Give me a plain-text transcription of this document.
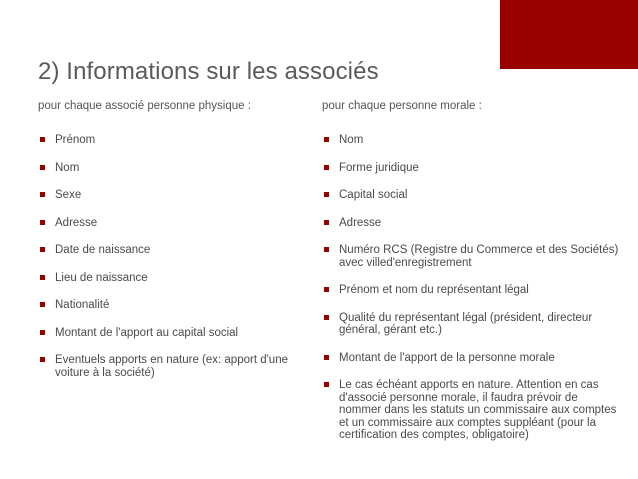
2) Informations sur les associés
pour chaque associé personne physique :	pour chaque personne morale :
Prénom
Nom
Sexe
Adresse
Date de naissance
Lieu de naissance
Nationalité
Montant de l'apport au capital social
Eventuels apports en nature (ex: apport d'une voiture à la société)
Nom
Forme juridique
Capital social
Adresse
Numéro RCS (Registre du Commerce et des Sociétés) avec villed'enregistrement
Prénom et nom du représentant légal
Qualité du représentant légal (président, directeur général, gérant etc.)
Montant de l'apport de la personne morale
Le cas échéant apports en nature. Attention en cas d'associé personne morale, il faudra prévoir de nommer dans les statuts un commissaire aux comptes et un commissaire aux comptes suppléant (pour la certification des comptes, obligatoire)
